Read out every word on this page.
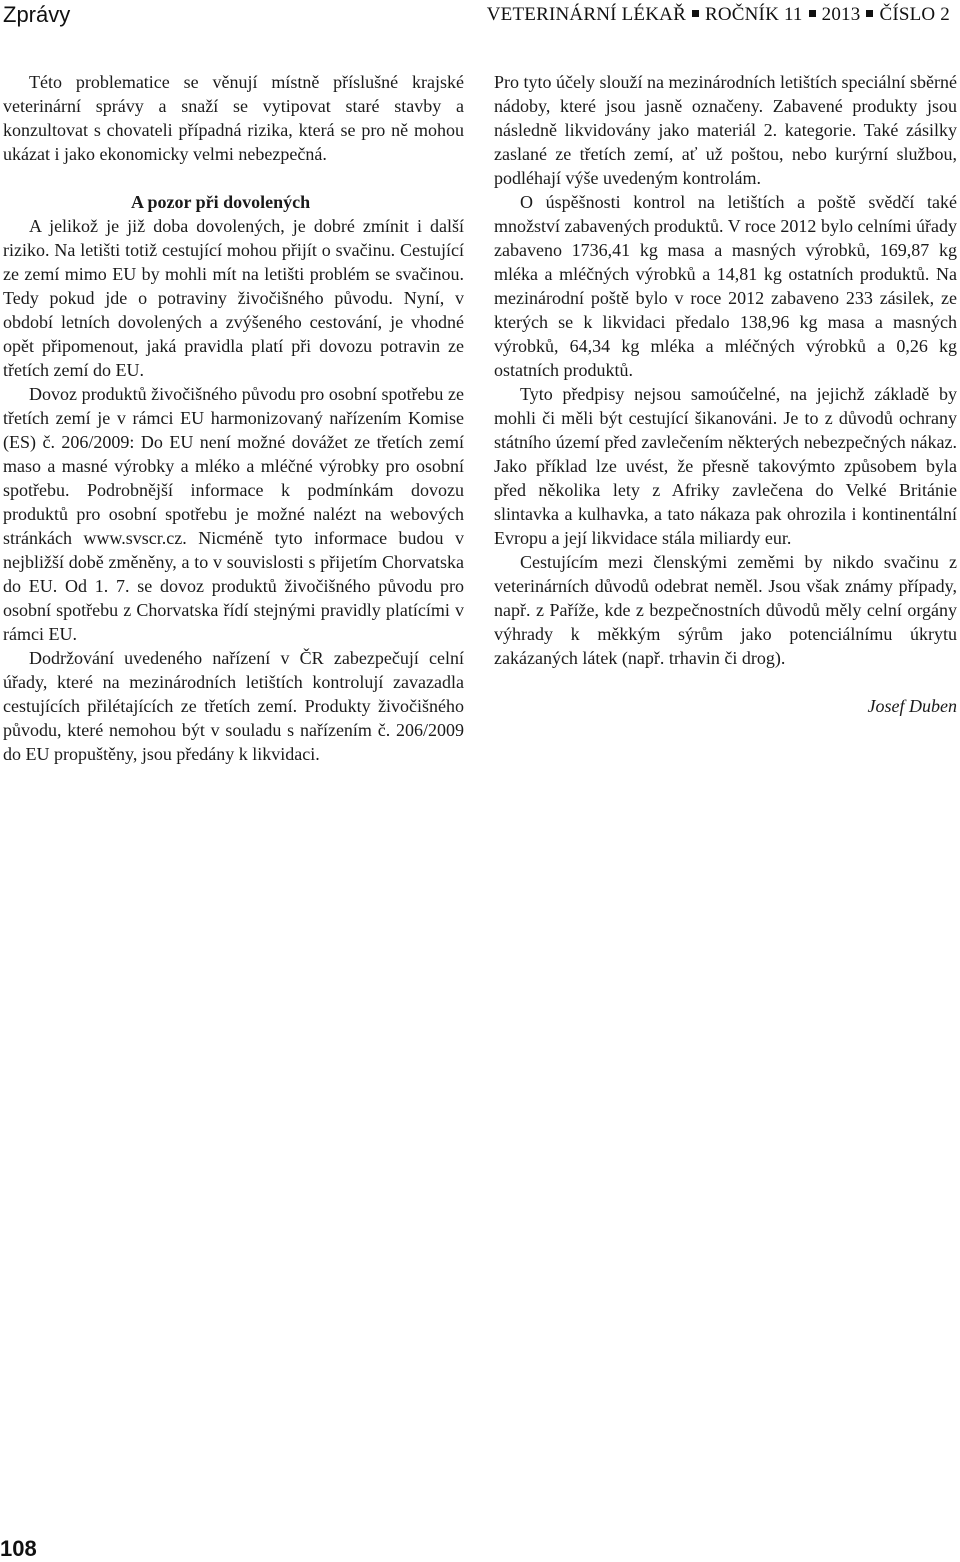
Zprávy	VETERINÁRNÍ LÉKAŘ ROČNÍK 11 2013 ČÍSLO 2

Této problematice se věnují místně příslušné krajské veterinární správy a snaží se vytipovat staré stavby a konzultovat s chovateli případná rizika, která se pro ně mohou ukázat i jako ekonomicky velmi nebezpečná.

A pozor při dovolených

A jelikož je již doba dovolených, je dobré zmínit i další riziko. Na letišti totiž cestující mohou přijít o svačinu. Cestující ze zemí mimo EU by mohli mít na letišti problém se svačinou. Tedy pokud jde o potraviny živočišného původu. Nyní, v období letních dovolených a zvýšeného cestování, je vhodné opět připomenout, jaká pravidla platí při dovozu potravin ze třetích zemí do EU.

Dovoz produktů živočišného původu pro osobní spotřebu ze třetích zemí je v rámci EU harmonizovaný nařízením Komise (ES) č. 206/2009: Do EU není možné dovážet ze třetích zemí maso a masné výrobky a mléko a mléčné výrobky pro osobní spotřebu. Podrobnější informace k podmínkám dovozu produktů pro osobní spotřebu je možné nalézt na webových stránkách www.svscr.cz. Nicméně tyto informace budou v nejbližší době změněny, a to v souvislosti s přijetím Chorvatska do EU. Od 1. 7. se dovoz produktů živočišného původu pro osobní spotřebu z Chorvatska řídí stejnými pravidly platícími v rámci EU.

Dodržování uvedeného nařízení v ČR zabezpečují celní úřady, které na mezinárodních letištích kontrolují zavazadla cestujících přilétajících ze třetích zemí. Produkty živočišného původu, které nemohou být v souladu s nařízením č. 206/2009 do EU propuštěny, jsou předány k likvidaci.

Pro tyto účely slouží na mezinárodních letištích speciální sběrné nádoby, které jsou jasně označeny. Zabavené produkty jsou následně likvidovány jako materiál 2. kategorie. Také zásilky zaslané ze třetích zemí, ať už poštou, nebo kurýrní službou, podléhají výše uvedeným kontrolám.

O úspěšnosti kontrol na letištích a poště svědčí také množství zabavených produktů. V roce 2012 bylo celními úřady zabaveno 1736,41 kg masa a masných výrobků, 169,87 kg mléka a mléčných výrobků a 14,81 kg ostatních produktů. Na mezinárodní poště bylo v roce 2012 zabaveno 233 zásilek, ze kterých se k likvidaci předalo 138,96 kg masa a masných výrobků, 64,34 kg mléka a mléčných výrobků a 0,26 kg ostatních produktů.

Tyto předpisy nejsou samoúčelné, na jejichž základě by mohli či měli být cestující šikanováni. Je to z důvodů ochrany státního území před zavlečením některých nebezpečných nákaz. Jako příklad lze uvést, že přesně takovýmto způsobem byla před několika lety z Afriky zavlečena do Velké Británie slintavka a kulhavka, a tato nákaza pak ohrozila i kontinentální Evropu a její likvidace stála miliardy eur.

Cestujícím mezi členskými zeměmi by nikdo svačinu z veterinárních důvodů odebrat neměl. Jsou však známy případy, např. z Paříže, kde z bezpečnostních důvodů měly celní orgány výhrady k měkkým sýrům jako potenciálnímu úkrytu zakázaných látek (např. trhavin či drog).

Josef Duben

108
